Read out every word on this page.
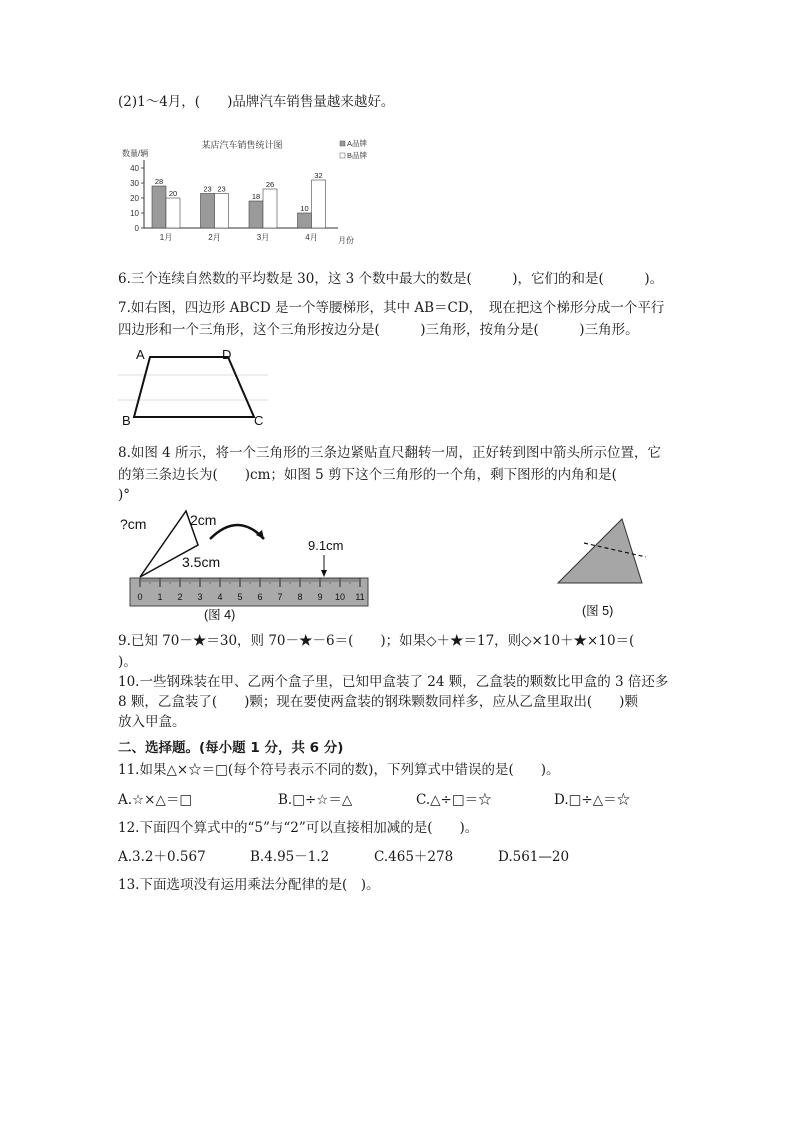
(2)1～4月，(　　)品牌汽车销售量越来越好。
某店汽车销售统计图
数量/辆
月份
A品牌
B品牌
0
10
20
30
40
28
20
1月
23 23
2月
18
26
3月
10
32
4月
6.三个连续自然数的平均数是 30，这 3 个数中最大的数是(　　　)，它们的和是(　　　)。
7.如右图，四边形 ABCD 是一个等腰梯形，其中 AB＝CD，　现在把这个梯形分成一个平行
四边形和一个三角形，这个三角形按边分是(　　　)三角形，按角分是(　　　)三角形。
A	D
B	C
8.如图 4 所示，将一个三角形的三条边紧贴直尺翻转一周，正好转到图中箭头所示位置，它
的第三条边长为(　　)cm；如图 5 剪下这个三角形的一个角，剩下图形的内角和是(
)°
?cm	2cm
3.5cm
9.1cm
0 1 2 3 4 5 6 7 8 9 10 11
(图 4)	(图 5)
9.已知 70－★＝30，则 70－★－6＝(　　)；如果◇＋★＝17，则◇×10＋★×10＝(
)。
10.一些钢珠装在甲、乙两个盒子里，已知甲盒装了 24 颗，乙盒装的颗数比甲盒的 3 倍还多
8 颗，乙盒装了(　　)颗；现在要使两盒装的钢珠颗数同样多，应从乙盒里取出(　　)颗
放入甲盒。
二、选择题。(每小题 1 分，共 6 分)
11.如果△×☆＝□(每个符号表示不同的数)，下列算式中错误的是(　　)。
A.☆×△＝□	B.□÷☆＝△	C.△÷□＝☆	D.□÷△＝☆
12.下面四个算式中的“5”与“2”可以直接相加减的是(　　)。
A.3.2＋0.567	B.4.95－1.2	C.465＋278	D.561—20
13.下面选项没有运用乘法分配律的是(　)。
